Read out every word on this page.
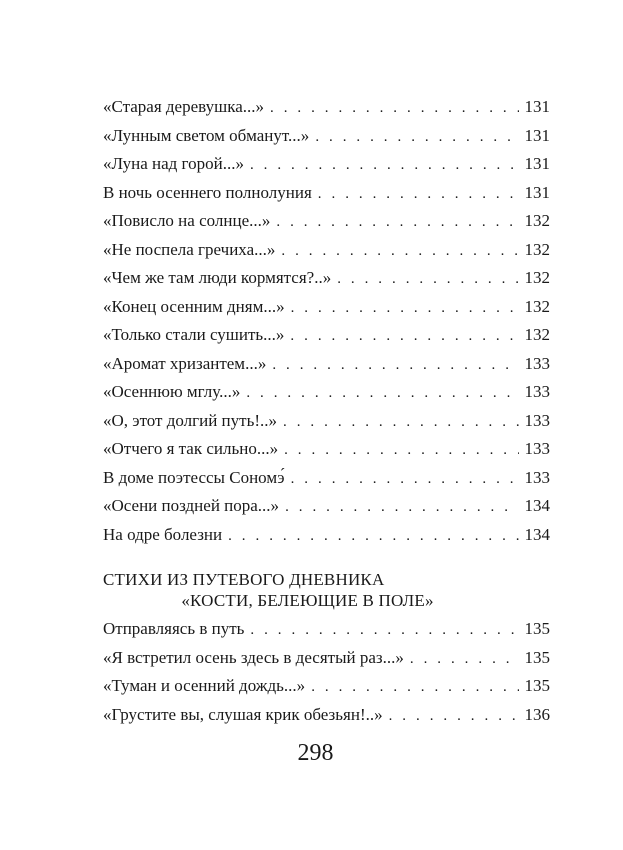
«Старая деревушка...» . . .	131
«Лунным светом обманут...» . . .	131
«Луна над горой...» . . .	131
В ночь осеннего полнолуния . . .	131
«Повисло на солнце...» . . .	132
«Не поспела гречиха...» . . .	132
«Чем же там люди кормятся?..» . . .	132
«Конец осенним дням...» . . .	132
«Только стали сушить...» . . .	132
«Аромат хризантем...» . . .	133
«Осеннюю мглу...» . . .	133
«О, этот долгий путь!..» . . .	133
«Отчего я так сильно...» . . .	133
В доме поэтессы Сономэ́ . . .	133
«Осени поздней пора...» . . .	134
На одре болезни . . .	134
СТИХИ ИЗ ПУТЕВОГО ДНЕВНИКА
«КОСТИ, БЕЛЕЮЩИЕ В ПОЛЕ»
Отправляясь в путь . . .	135
«Я встретил осень здесь в десятый раз...» . . .	135
«Туман и осенний дождь...» . . .	135
«Грустите вы, слушая крик обезьян!..» . . .	136
298
